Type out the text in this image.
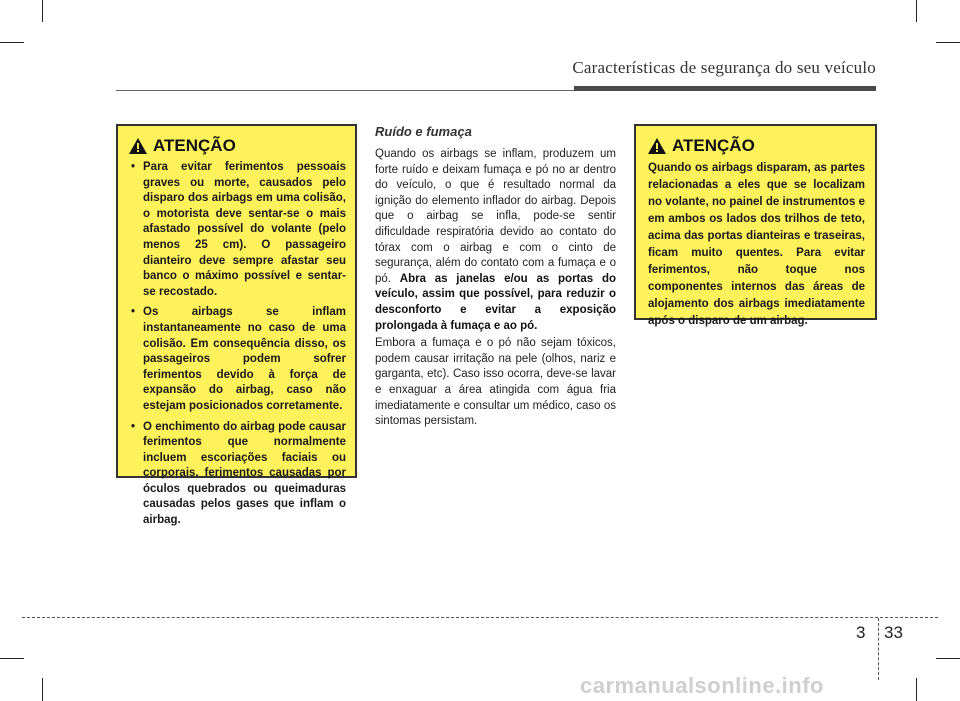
Características de segurança do seu veículo
ATENÇÃO
• Para evitar ferimentos pessoais graves ou morte, causados pelo disparo dos airbags em uma colisão, o motorista deve sentar-se o mais afastado possível do volante (pelo menos 25 cm). O passageiro dianteiro deve sempre afastar seu banco o máximo possível e sentar-se recostado.
• Os airbags se inflam instantaneamente no caso de uma colisão. Em consequência disso, os passageiros podem sofrer ferimentos devido à força de expansão do airbag, caso não estejam posicionados corretamente.
• O enchimento do airbag pode causar ferimentos que normalmente incluem escoriações faciais ou corporais, ferimentos causadas por óculos quebrados ou queimaduras causadas pelos gases que inflam o airbag.
Ruído e fumaça

Quando os airbags se inflam, produzem um forte ruído e deixam fumaça e pó no ar dentro do veículo, o que é resultado normal da ignição do elemento inflador do airbag. Depois que o airbag se infla, pode-se sentir dificuldade respiratória devido ao contato do tórax com o airbag e com o cinto de segurança, além do contato com a fumaça e o pó. Abra as janelas e/ou as portas do veículo, assim que possível, para reduzir o desconforto e evitar a exposição prolongada à fumaça e ao pó.

Embora a fumaça e o pó não sejam tóxicos, podem causar irritação na pele (olhos, nariz e garganta, etc). Caso isso ocorra, deve-se lavar e enxaguar a área atingida com água fria imediatamente e consultar um médico, caso os sintomas persistam.

ATENÇÃO

Quando os airbags disparam, as partes relacionadas a eles que se localizam no volante, no painel de instrumentos e em ambos os lados dos trilhos de teto, acima das portas dianteiras e traseiras, ficam muito quentes. Para evitar ferimentos, não toque nos componentes internos das áreas de alojamento dos airbags imediatamente após o disparo de um airbag.

3 33
carmanualsonline.info
